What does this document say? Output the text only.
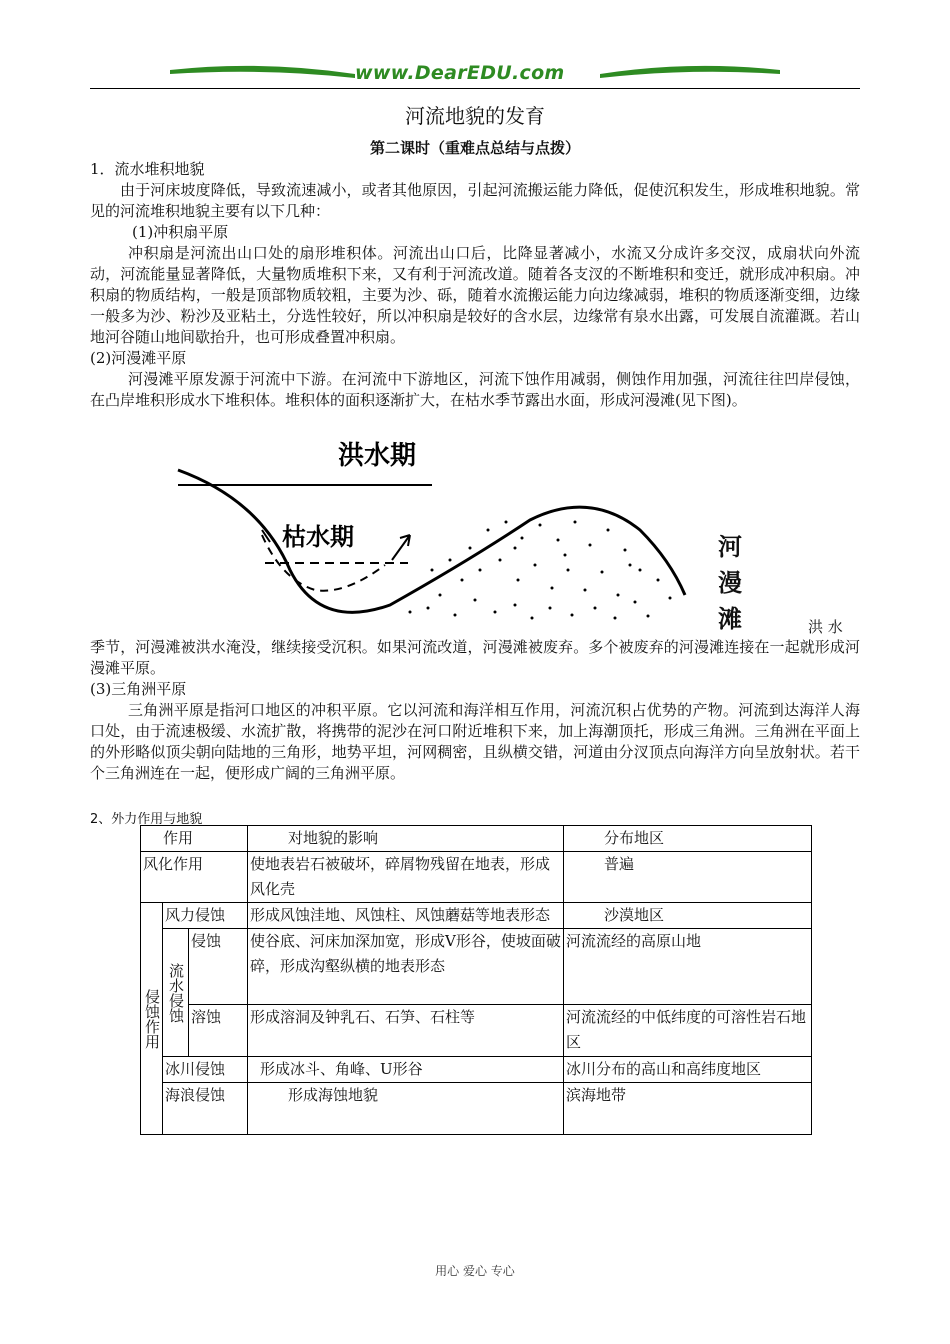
www.DearEDU.com
河流地貌的发育
第二课时（重难点总结与点拨）
1．流水堆积地貌
由于河床坡度降低，导致流速减小，或者其他原因，引起河流搬运能力降低，促使沉积发生，形成堆积地貌。常见的河流堆积地貌主要有以下几种：
(1)冲积扇平原
冲积扇是河流出山口处的扇形堆积体。河流出山口后，比降显著减小，水流又分成许多交汊，成扇状向外流动，河流能量显著降低，大量物质堆积下来，又有利于河流改道。随着各支汊的不断堆积和变迁，就形成冲积扇。冲积扇的物质结构，一般是顶部物质较粗，主要为沙、砾，随着水流搬运能力向边缘减弱，堆积的物质逐渐变细，边缘一般多为沙、粉沙及亚粘土，分选性较好，所以冲积扇是较好的含水层，边缘常有泉水出露，可发展自流灌溉。若山地河谷随山地间歇抬升，也可形成叠置冲积扇。
(2)河漫滩平原
河漫滩平原发源于河流中下游。在河流中下游地区，河流下蚀作用减弱，侧蚀作用加强，河流往往凹岸侵蚀，在凸岸堆积形成水下堆积体。堆积体的面积逐渐扩大，在枯水季节露出水面，形成河漫滩(见下图)。
洪水期
枯水期	河
漫
滩	洪 水
季节，河漫滩被洪水淹没，继续接受沉积。如果河流改道，河漫滩被废弃。多个被废弃的河漫滩连接在一起就形成河漫滩平原。
(3)三角洲平原
三角洲平原是指河口地区的冲积平原。它以河流和海洋相互作用，河流沉积占优势的产物。河流到达海洋人海口处，由于流速极缓、水流扩散，将携带的泥沙在河口附近堆积下来，加上海潮顶托，形成三角洲。三角洲在平面上的外形略似顶尖朝向陆地的三角形，地势平坦，河网稠密，且纵横交错，河道由分汊顶点向海洋方向呈放射状。若干个三角洲连在一起，便形成广阔的三角洲平原。
2、外力作用与地貌
作用			对地貌的影响	分布地区
风化作用			使地表岩石被破坏，碎屑物残留在地表，形成风化壳	普遍
侵蚀作用	风力侵蚀		形成风蚀洼地、风蚀柱、风蚀蘑菇等地表形态	沙漠地区
	流水侵蚀	侵蚀	使谷底、河床加深加宽，形成V形谷，使坡面破碎，形成沟壑纵横的地表形态	河流流经的高原山地
		溶蚀	形成溶洞及钟乳石、石笋、石柱等	河流流经的中低纬度的可溶性岩石地区
	冰川侵蚀		形成冰斗、角峰、U形谷	冰川分布的高山和高纬度地区
	海浪侵蚀		形成海蚀地貌	滨海地带
用心 爱心 专心
